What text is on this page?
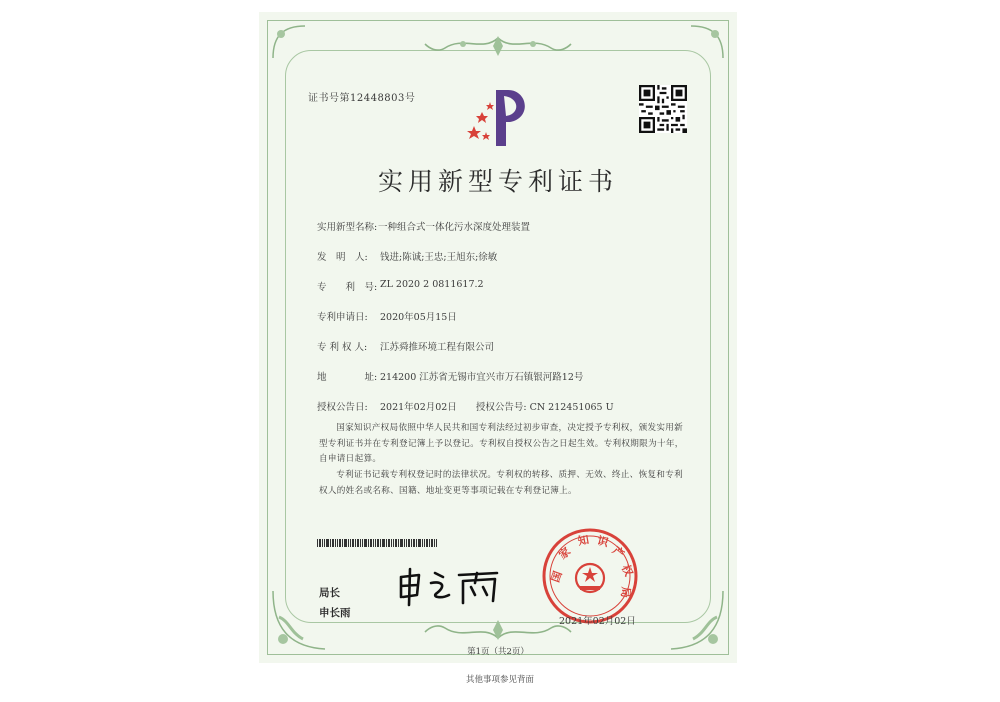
证书号第12448803号
实用新型专利证书
实用新型名称: 一种组合式一体化污水深度处理装置
发　明　人: 钱进;陈诚;王忠;王旭东;徐敏
专　　利　号: ZL 2020 2 0811617.2
专利申请日: 2020年05月15日
专 利 权 人: 江苏舜推环境工程有限公司
地　　　　址: 214200 江苏省无锡市宜兴市万石镇银河路12号
授权公告日: 2021年02月02日　　授权公告号: CN 212451065 U
国家知识产权局依照中华人民共和国专利法经过初步审查，决定授予专利权，颁发实用新型专利证书并在专利登记簿上予以登记。专利权自授权公告之日起生效。专利权期限为十年，自申请日起算。
专利证书记载专利权登记时的法律状况。专利权的转移、质押、无效、终止、恢复和专利权人的姓名或名称、国籍、地址变更等事项记载在专利登记簿上。
局长
申长雨
国
家
知 识
产
权
局
2021年02月02日
第1页（共2页）
其他事项参见背面
